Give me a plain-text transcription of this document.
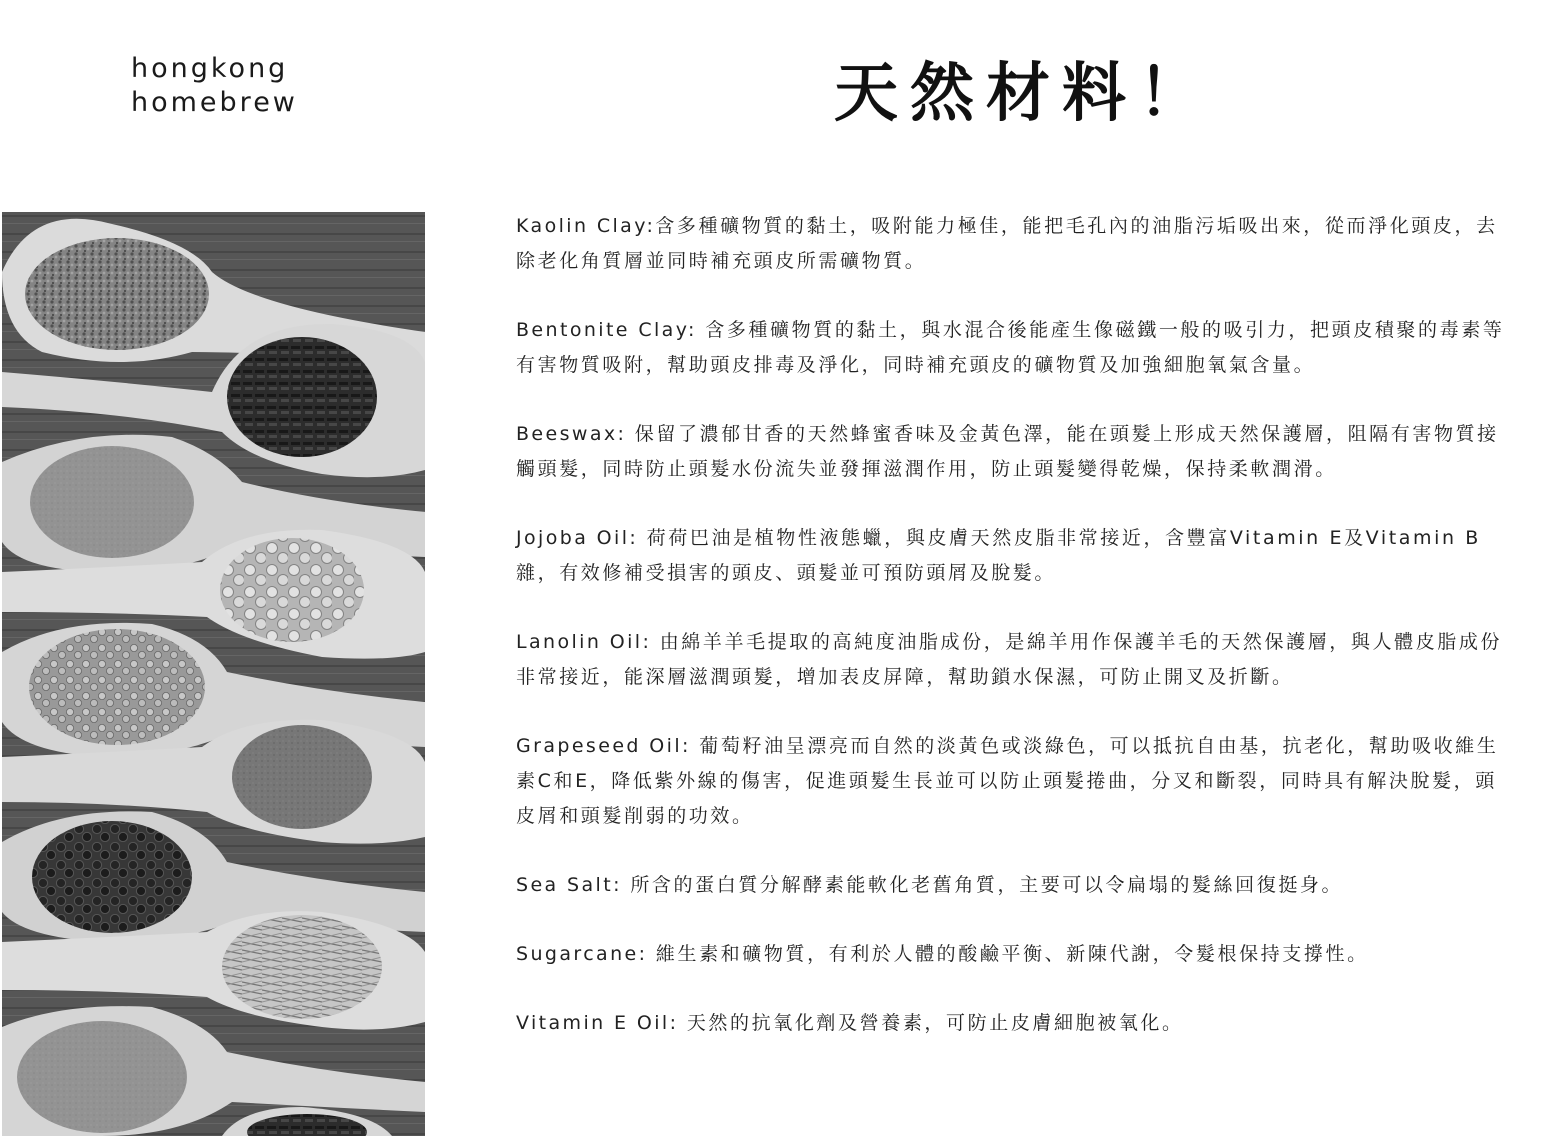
hongkong
homebrew	天然材料！
Kaolin Clay:含多種礦物質的黏土，吸附能力極佳，能把毛孔內的油脂污垢吸出來，從而淨化頭皮，去除老化角質層並同時補充頭皮所需礦物質。
Bentonite Clay: 含多種礦物質的黏土，與水混合後能產生像磁鐵一般的吸引力，把頭皮積聚的毒素等有害物質吸附，幫助頭皮排毒及淨化，同時補充頭皮的礦物質及加強細胞氧氣含量。
Beeswax: 保留了濃郁甘香的天然蜂蜜香味及金黃色澤，能在頭髮上形成天然保護層，阻隔有害物質接觸頭髮，同時防止頭髮水份流失並發揮滋潤作用，防止頭髮變得乾燥，保持柔軟潤滑。
Jojoba Oil: 荷荷巴油是植物性液態蠟，與皮膚天然皮脂非常接近，含豐富Vitamin E及Vitamin B雜，有效修補受損害的頭皮、頭髮並可預防頭屑及脫髮。
Lanolin Oil: 由綿羊羊毛提取的高純度油脂成份，是綿羊用作保護羊毛的天然保護層，與人體皮脂成份非常接近，能深層滋潤頭髮，增加表皮屏障，幫助鎖水保濕，可防止開叉及折斷。
Grapeseed Oil: 葡萄籽油呈漂亮而自然的淡黃色或淡綠色，可以抵抗自由基，抗老化，幫助吸收維生素C和E，降低紫外線的傷害，促進頭髮生長並可以防止頭髮捲曲，分叉和斷裂，同時具有解決脫髮，頭皮屑和頭髮削弱的功效。
Sea Salt: 所含的蛋白質分解酵素能軟化老舊角質，主要可以令扁塌的髮絲回復挺身。
Sugarcane: 維生素和礦物質，有利於人體的酸鹼平衡、新陳代謝，令髮根保持支撐性。
Vitamin E Oil: 天然的抗氧化劑及營養素，可防止皮膚細胞被氧化。
